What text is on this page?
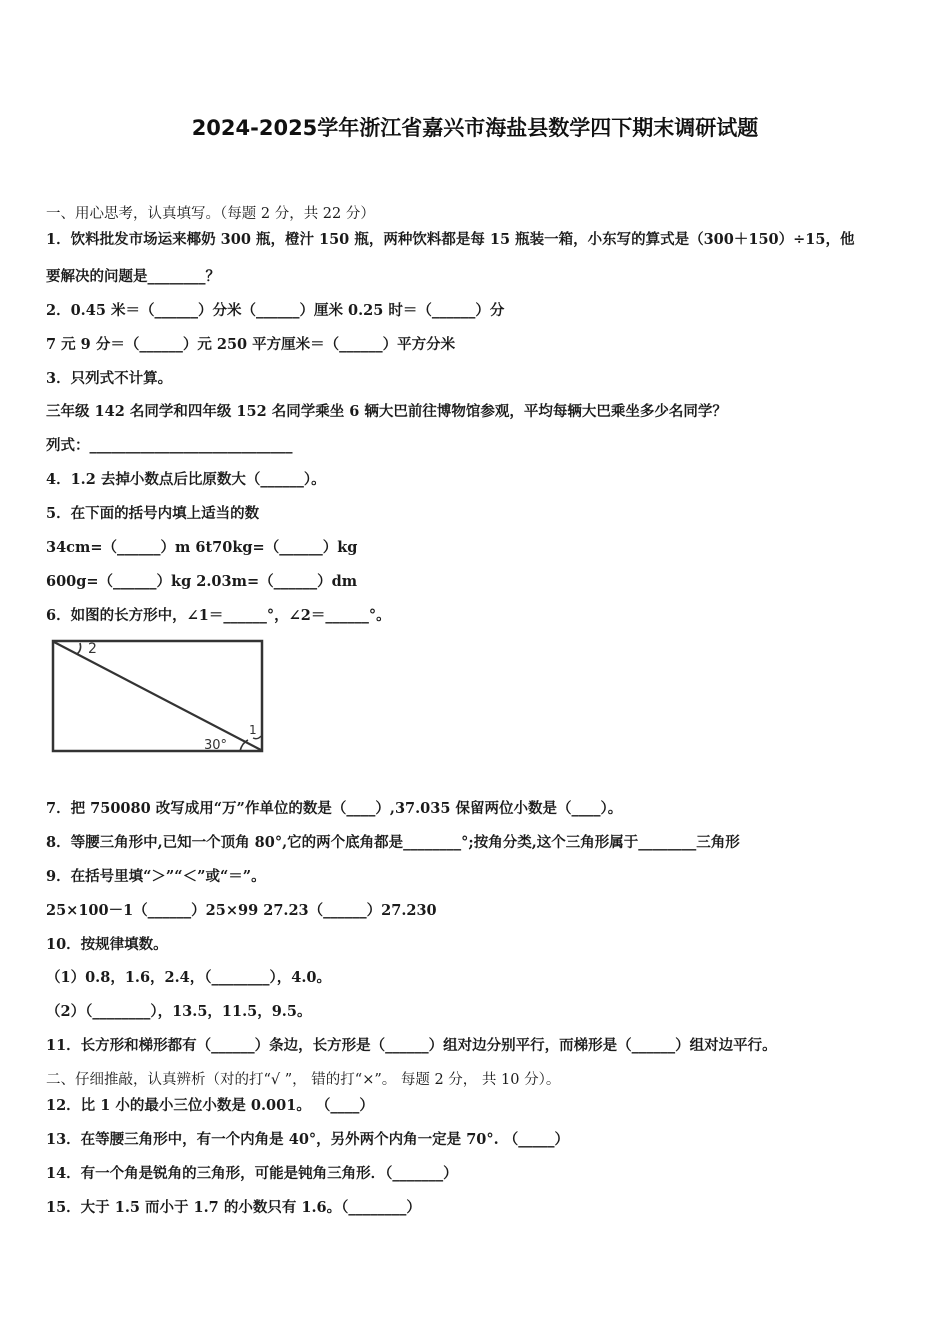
2024-2025学年浙江省嘉兴市海盐县数学四下期末调研试题
一、用心思考，认真填写。（每题 2 分，共 22 分）
1．饮料批发市场运来椰奶 300 瓶，橙汁 150 瓶，两种饮料都是每 15 瓶装一箱，小东写的算式是（300＋150）÷15，他
要解决的问题是________？
2．0.45 米＝（______）分米（______）厘米 0.25 时＝（______）分
7 元 9 分＝（______）元 250 平方厘米＝（______）平方分米
3．只列式不计算。
三年级 142 名同学和四年级 152 名同学乘坐 6 辆大巴前往博物馆参观，平均每辆大巴乘坐多少名同学？
列式：____________________________
4．1.2 去掉小数点后比原数大（______）。
5．在下面的括号内填上适当的数
34cm=（______）m 6t70kg=（______）kg
600g=（______）kg 2.03m=（______）dm
6．如图的长方形中，∠1＝______°，∠2＝______°。
2
1
30°
7．把 750080 改写成用“万”作单位的数是（____）,37.035 保留两位小数是（____）。
8．等腰三角形中,已知一个顶角 80°,它的两个底角都是________°;按角分类,这个三角形属于________三角形
9．在括号里填“＞”“＜”或“＝”。
25×100－1（______）25×99 27.23（______）27.230
10．按规律填数。
（1）0.8，1.6，2.4，（________），4.0。
（2）（________），13.5，11.5，9.5。
11．长方形和梯形都有（______）条边，长方形是（______）组对边分别平行，而梯形是（______）组对边平行。
二、仔细推敲，认真辨析（对的打“√ ”， 错的打“×”。 每题 2 分， 共 10 分）。
12．比 1 小的最小三位小数是 0.001。 （____）
13．在等腰三角形中，有一个内角是 40°，另外两个内角一定是 70°. （_____）
14．有一个角是锐角的三角形，可能是钝角三角形．（_______）
15．大于 1.5 而小于 1.7 的小数只有 1.6。（________）
